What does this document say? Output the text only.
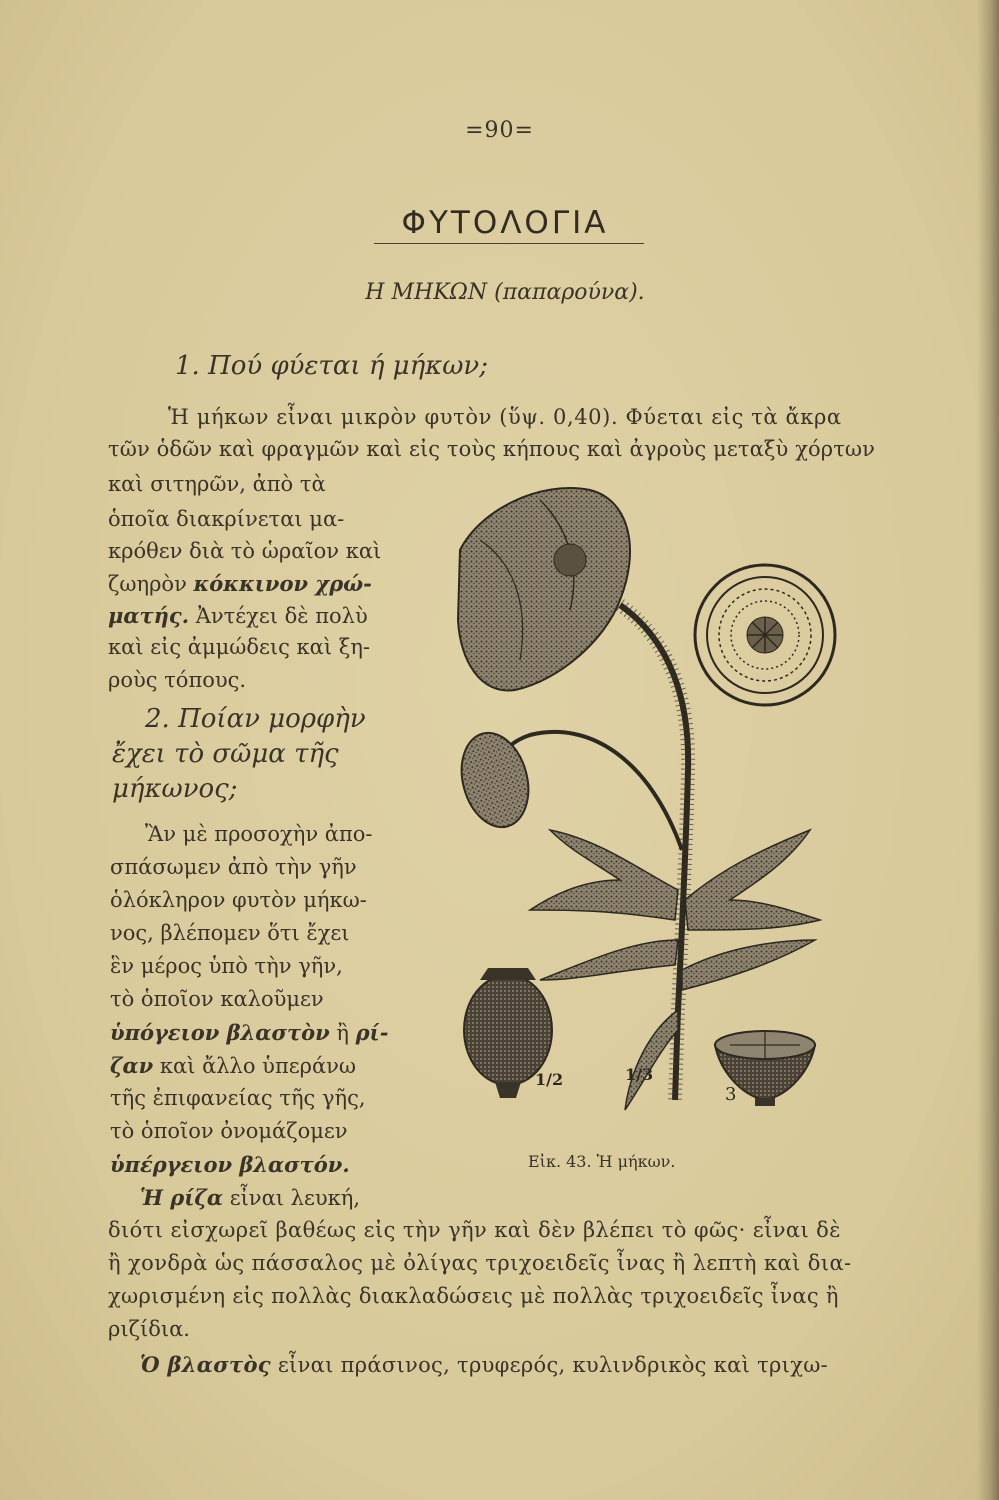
=90=
ΦΥΤΟΛΟΓΙΑ
Η ΜΗΚΩΝ (παπαρούνα).
1. Πού φύεται ή μήκων;
Ἡ μήκων εἶναι μικρὸν φυτὸν (ὕψ. 0,40). Φύεται εἰς τὰ ἄκρα
τῶν ὁδῶν καὶ φραγμῶν καὶ εἰς τοὺς κήπους καὶ ἀγροὺς μεταξὺ χόρτων
καὶ σιτηρῶν, ἀπὸ τὰ
ὁποῖα διακρίνεται μα-
κρόθεν διὰ τὸ ὡραῖον καὶ
ζωηρὸν κόκκινον χρώ-
ματής. Ἀντέχει δὲ πολὺ
καὶ εἰς ἀμμώδεις καὶ ξη-
ροὺς τόπους.
2. Ποίαν μορφὴν
ἔχει τὸ σῶμα τῆς
μήκωνος;
Ἂν μὲ προσοχὴν ἀπο-
σπάσωμεν ἀπὸ τὴν γῆν
ὁλόκληρον φυτὸν μήκω-
νος, βλέπομεν ὅτι ἔχει
ἓν μέρος ὑπὸ τὴν γῆν,
τὸ ὁποῖον καλοῦμεν
ὑπόγειον βλαστὸν ἢ ρί-
ζαν καὶ ἄλλο ὑπεράνω
τῆς ἐπιφανείας τῆς γῆς,
τὸ ὁποῖον ὀνομάζομεν
ὑπέργειον βλαστόν.
Ἡ ρίζα εἶναι λευκή,
διότι εἰσχωρεῖ βαθέως εἰς τὴν γῆν καὶ δὲν βλέπει τὸ φῶς· εἶναι δὲ
ἢ χονδρὰ ὡς πάσσαλος μὲ ὀλίγας τριχοειδεῖς ἶνας ἢ λεπτὴ καὶ δια-
χωρισμένη εἰς πολλὰς διακλαδώσεις μὲ πολλὰς τριχοειδεῖς ἶνας ἢ
ριζίδια.
Ὁ βλαστὸς εἶναι πράσινος, τρυφερός, κυλινδρικὸς καὶ τριχω-
1/2	1/3
3
Εἰκ. 43. Ἡ μήκων.
